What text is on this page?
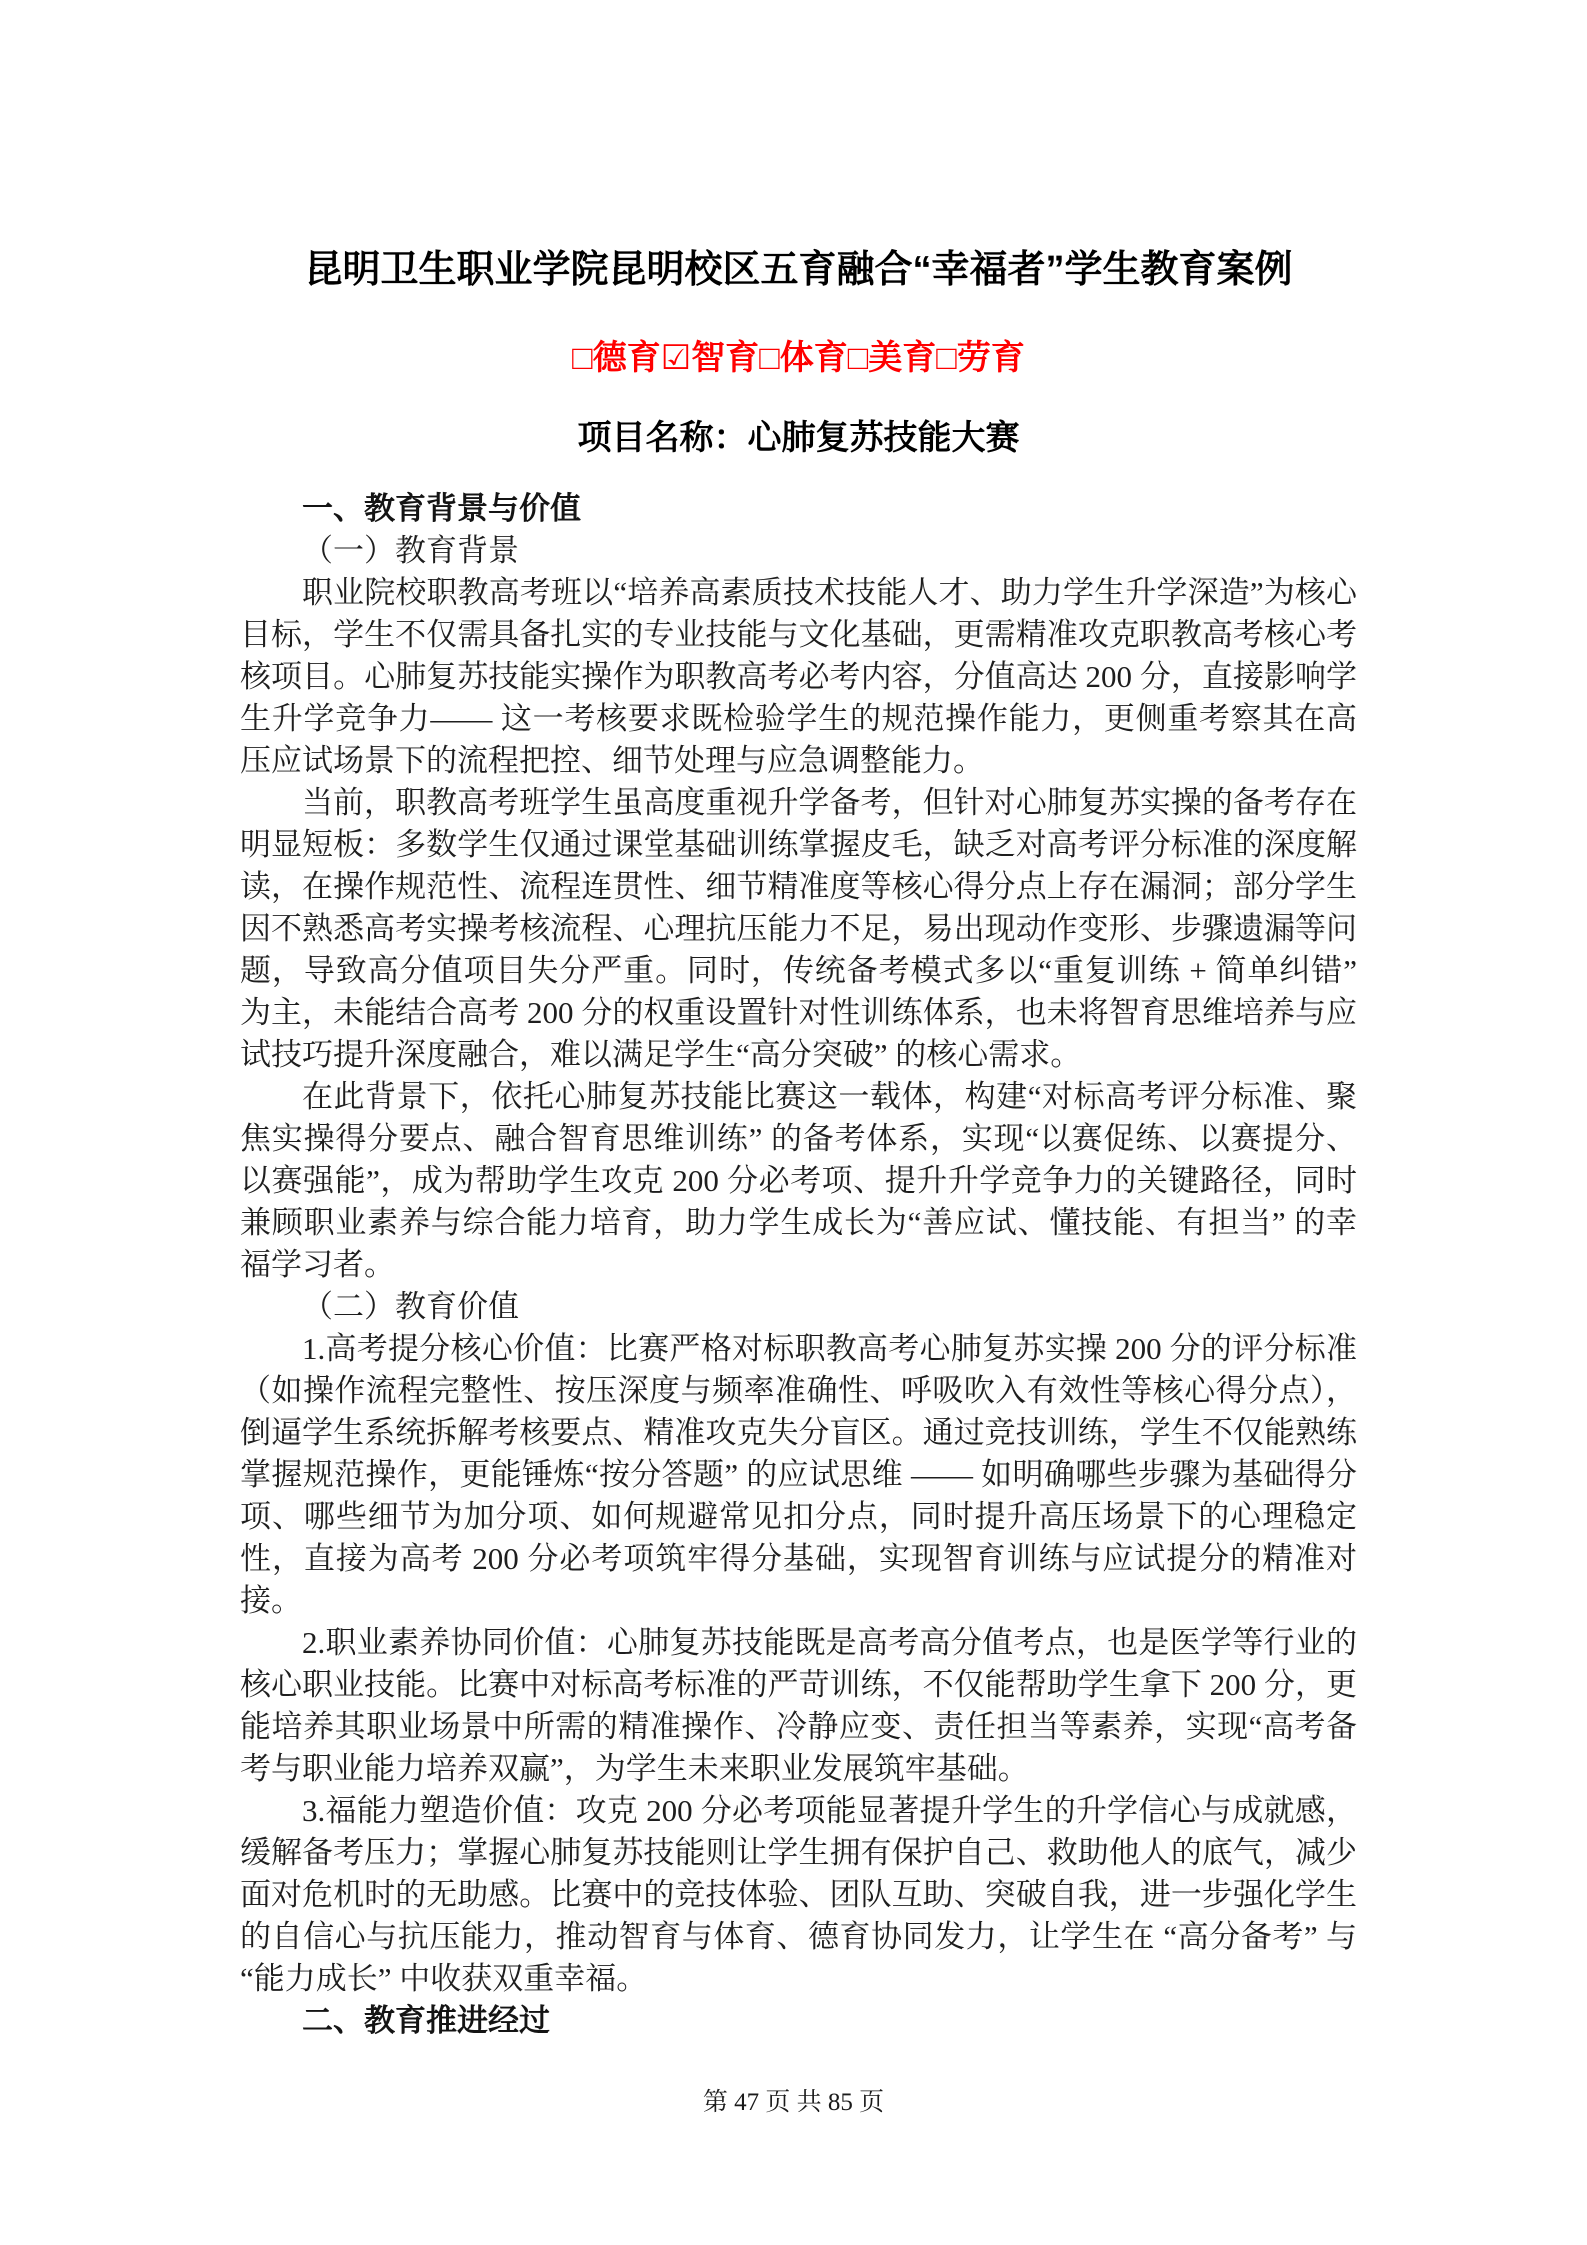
昆明卫生职业学院昆明校区五育融合“幸福者”学生教育案例
□德育☑智育□体育□美育□劳育
项目名称：心肺复苏技能大赛
一、教育背景与价值

（一）教育背景

职业院校职教高考班以“培养高素质技术技能人才、助力学生升学深造”为核心目标，学生不仅需具备扎实的专业技能与文化基础，更需精准攻克职教高考核心考核项目。心肺复苏技能实操作为职教高考必考内容，分值高达 200 分，直接影响学生升学竞争力—— 这一考核要求既检验学生的规范操作能力，更侧重考察其在高压应试场景下的流程把控、细节处理与应急调整能力。

当前，职教高考班学生虽高度重视升学备考，但针对心肺复苏实操的备考存在明显短板：多数学生仅通过课堂基础训练掌握皮毛，缺乏对高考评分标准的深度解读，在操作规范性、流程连贯性、细节精准度等核心得分点上存在漏洞；部分学生因不熟悉高考实操考核流程、心理抗压能力不足，易出现动作变形、步骤遗漏等问题，导致高分值项目失分严重。同时，传统备考模式多以“重复训练 + 简单纠错” 为主，未能结合高考 200 分的权重设置针对性训练体系，也未将智育思维培养与应试技巧提升深度融合，难以满足学生“高分突破” 的核心需求。

在此背景下，依托心肺复苏技能比赛这一载体，构建“对标高考评分标准、聚焦实操得分要点、融合智育思维训练” 的备考体系，实现“以赛促练、以赛提分、以赛强能”，成为帮助学生攻克 200 分必考项、提升升学竞争力的关键路径，同时兼顾职业素养与综合能力培育，助力学生成长为“善应试、懂技能、有担当” 的幸福学习者。

（二）教育价值

1.高考提分核心价值：比赛严格对标职教高考心肺复苏实操 200 分的评分标准（如操作流程完整性、按压深度与频率准确性、呼吸吹入有效性等核心得分点），倒逼学生系统拆解考核要点、精准攻克失分盲区。通过竞技训练，学生不仅能熟练掌握规范操作，更能锤炼“按分答题” 的应试思维 —— 如明确哪些步骤为基础得分项、哪些细节为加分项、如何规避常见扣分点，同时提升高压场景下的心理稳定性，直接为高考 200 分必考项筑牢得分基础，实现智育训练与应试提分的精准对接。

2.职业素养协同价值：心肺复苏技能既是高考高分值考点，也是医学等行业的核心职业技能。比赛中对标高考标准的严苛训练，不仅能帮助学生拿下 200 分，更能培养其职业场景中所需的精准操作、冷静应变、责任担当等素养，实现“高考备考与职业能力培养双赢”，为学生未来职业发展筑牢基础。

3.福能力塑造价值：攻克 200 分必考项能显著提升学生的升学信心与成就感，缓解备考压力；掌握心肺复苏技能则让学生拥有保护自己、救助他人的底气，减少面对危机时的无助感。比赛中的竞技体验、团队互助、突破自我，进一步强化学生的自信心与抗压能力，推动智育与体育、德育协同发力，让学生在 “高分备考” 与 “能力成长” 中收获双重幸福。

二、教育推进经过
第 47 页 共 85 页
